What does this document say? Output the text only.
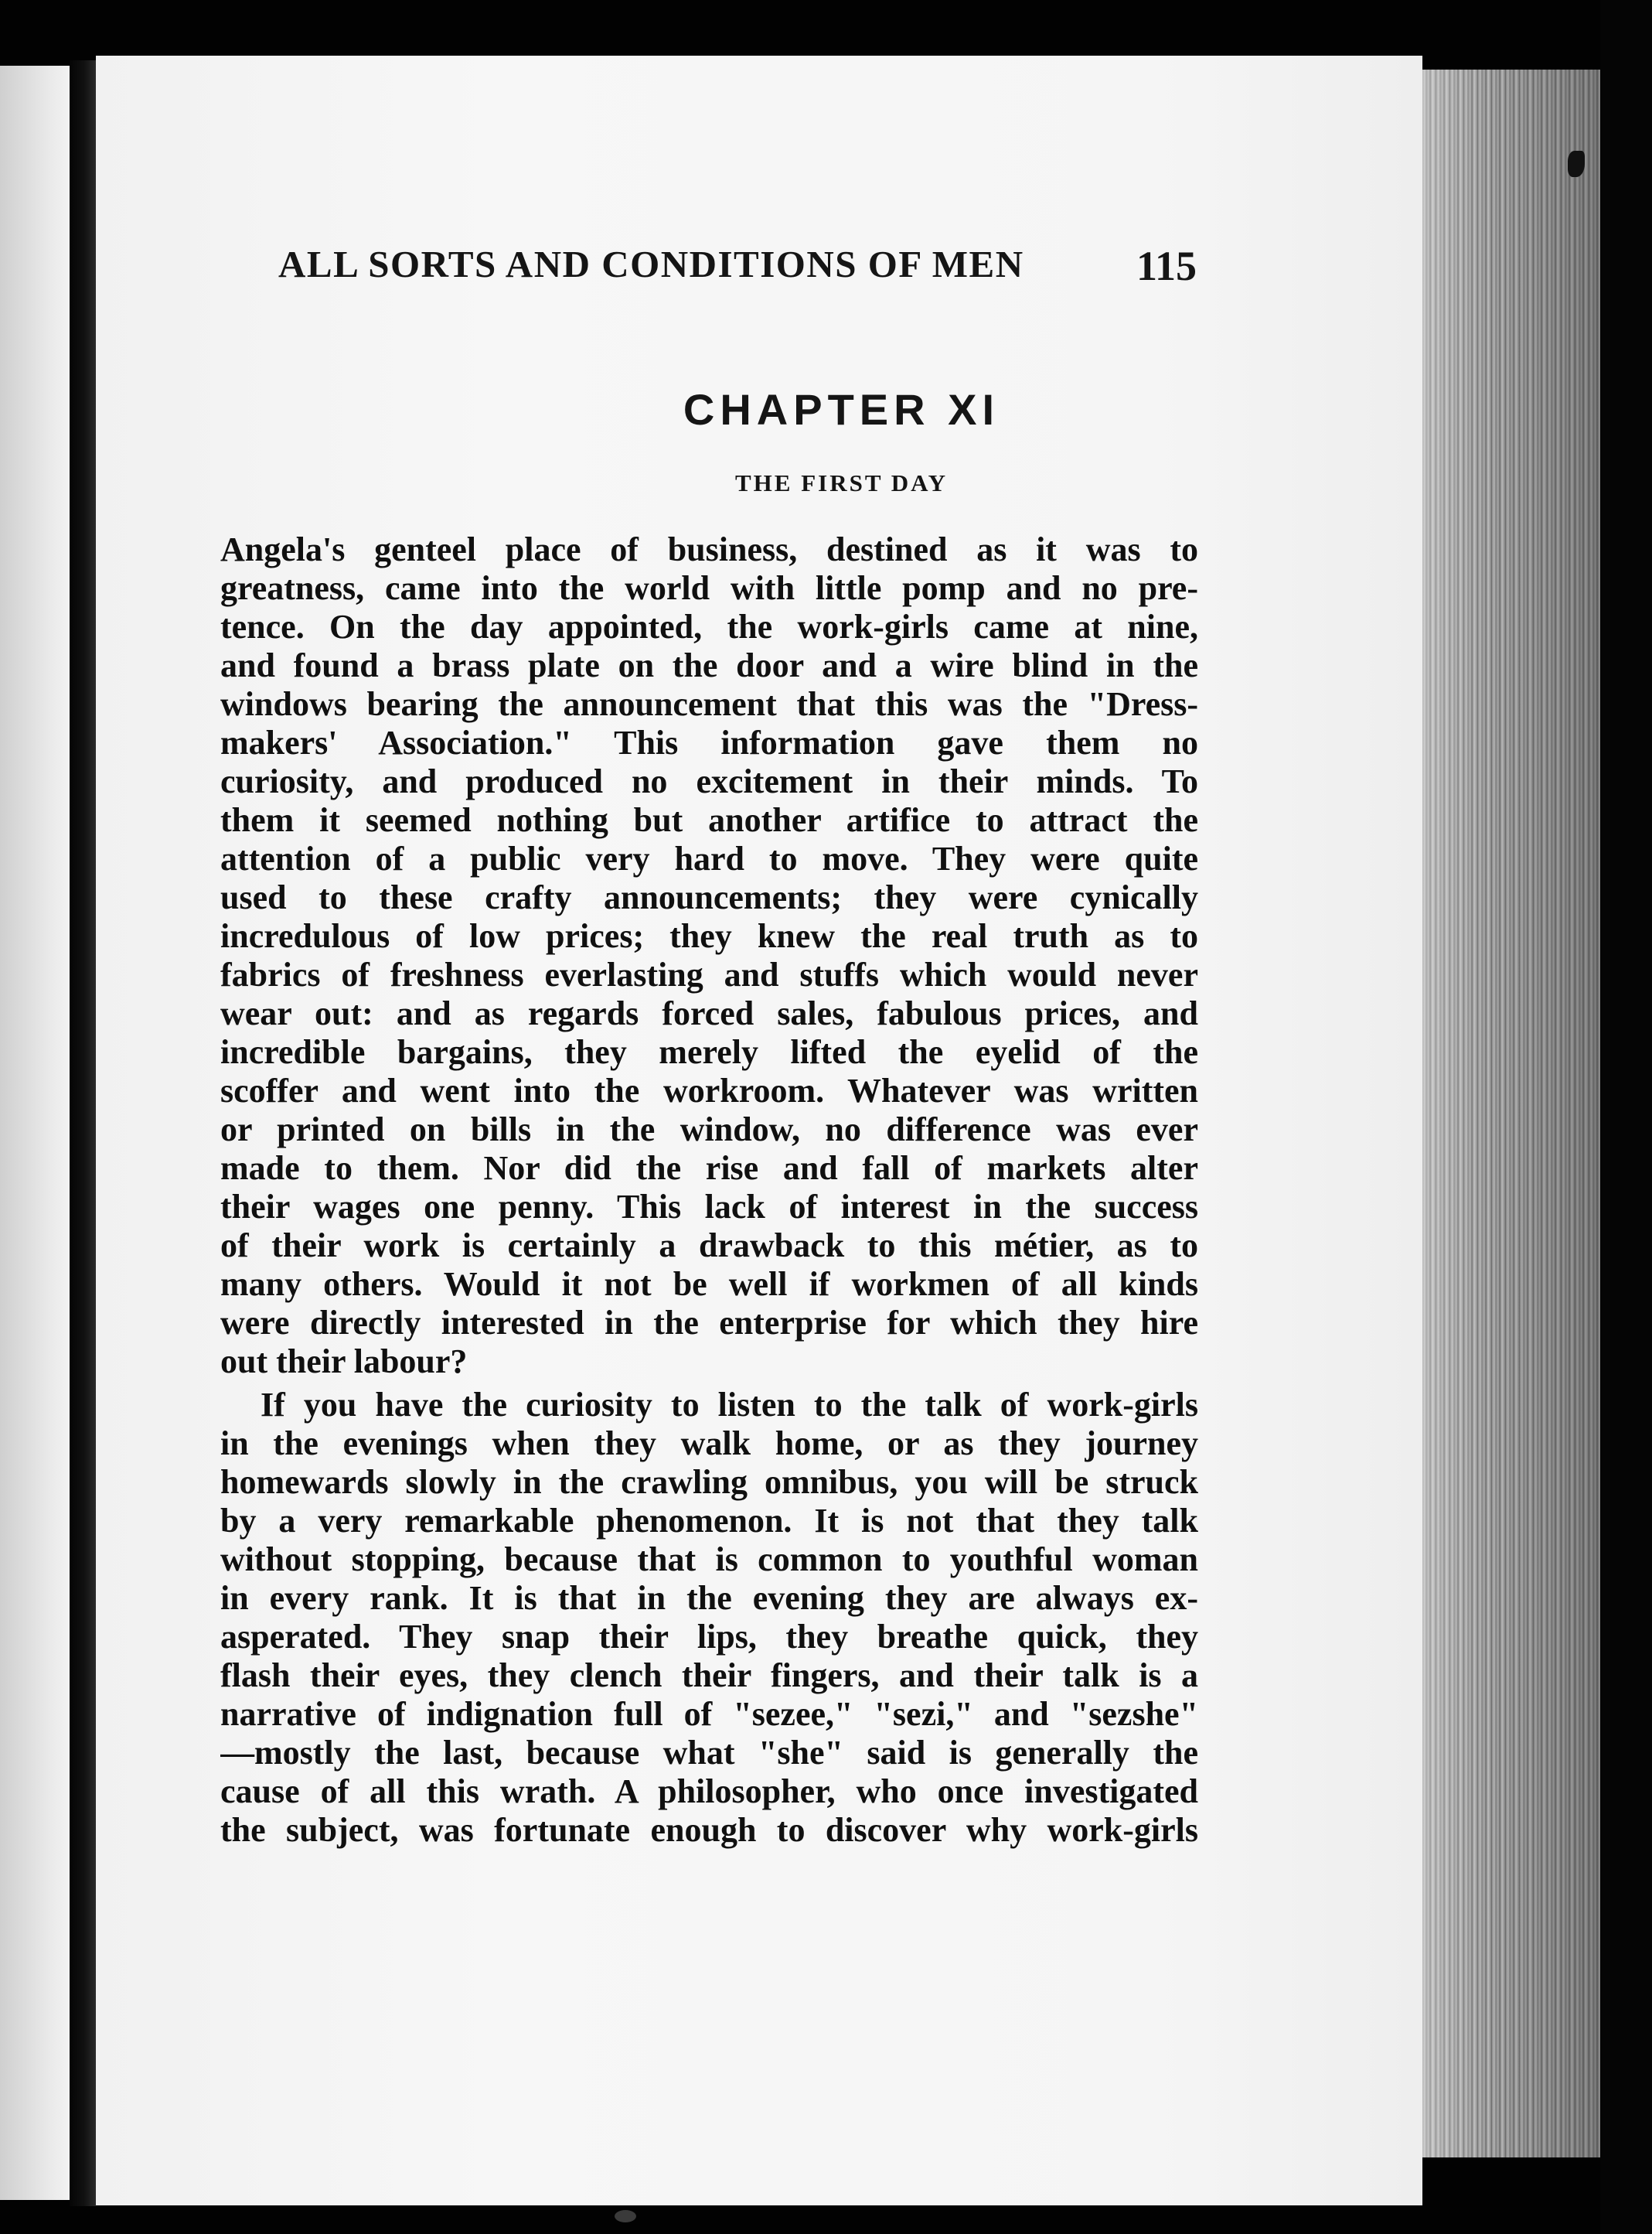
ALL SORTS AND CONDITIONS OF MEN	115
CHAPTER XI
THE FIRST DAY
Angela's genteel place of business, destined as it was to
greatness, came into the world with little pomp and no pre-
tence. On the day appointed, the work-girls came at nine,
and found a brass plate on the door and a wire blind in the
windows bearing the announcement that this was the "Dress-
makers' Association." This information gave them no
curiosity, and produced no excitement in their minds. To
them it seemed nothing but another artifice to attract the
attention of a public very hard to move. They were quite
used to these crafty announcements; they were cynically
incredulous of low prices; they knew the real truth as to
fabrics of freshness everlasting and stuffs which would never
wear out: and as regards forced sales, fabulous prices, and
incredible bargains, they merely lifted the eyelid of the
scoffer and went into the workroom. Whatever was written
or printed on bills in the window, no difference was ever
made to them. Nor did the rise and fall of markets alter
their wages one penny. This lack of interest in the success
of their work is certainly a drawback to this métier, as to
many others. Would it not be well if workmen of all kinds
were directly interested in the enterprise for which they hire
out their labour?
If you have the curiosity to listen to the talk of work-girls
in the evenings when they walk home, or as they journey
homewards slowly in the crawling omnibus, you will be struck
by a very remarkable phenomenon. It is not that they talk
without stopping, because that is common to youthful woman
in every rank. It is that in the evening they are always ex-
asperated. They snap their lips, they breathe quick, they
flash their eyes, they clench their fingers, and their talk is a
narrative of indignation full of "sezee," "sezi," and "sezshe"
—mostly the last, because what "she" said is generally the
cause of all this wrath. A philosopher, who once investigated
the subject, was fortunate enough to discover why work-girls
